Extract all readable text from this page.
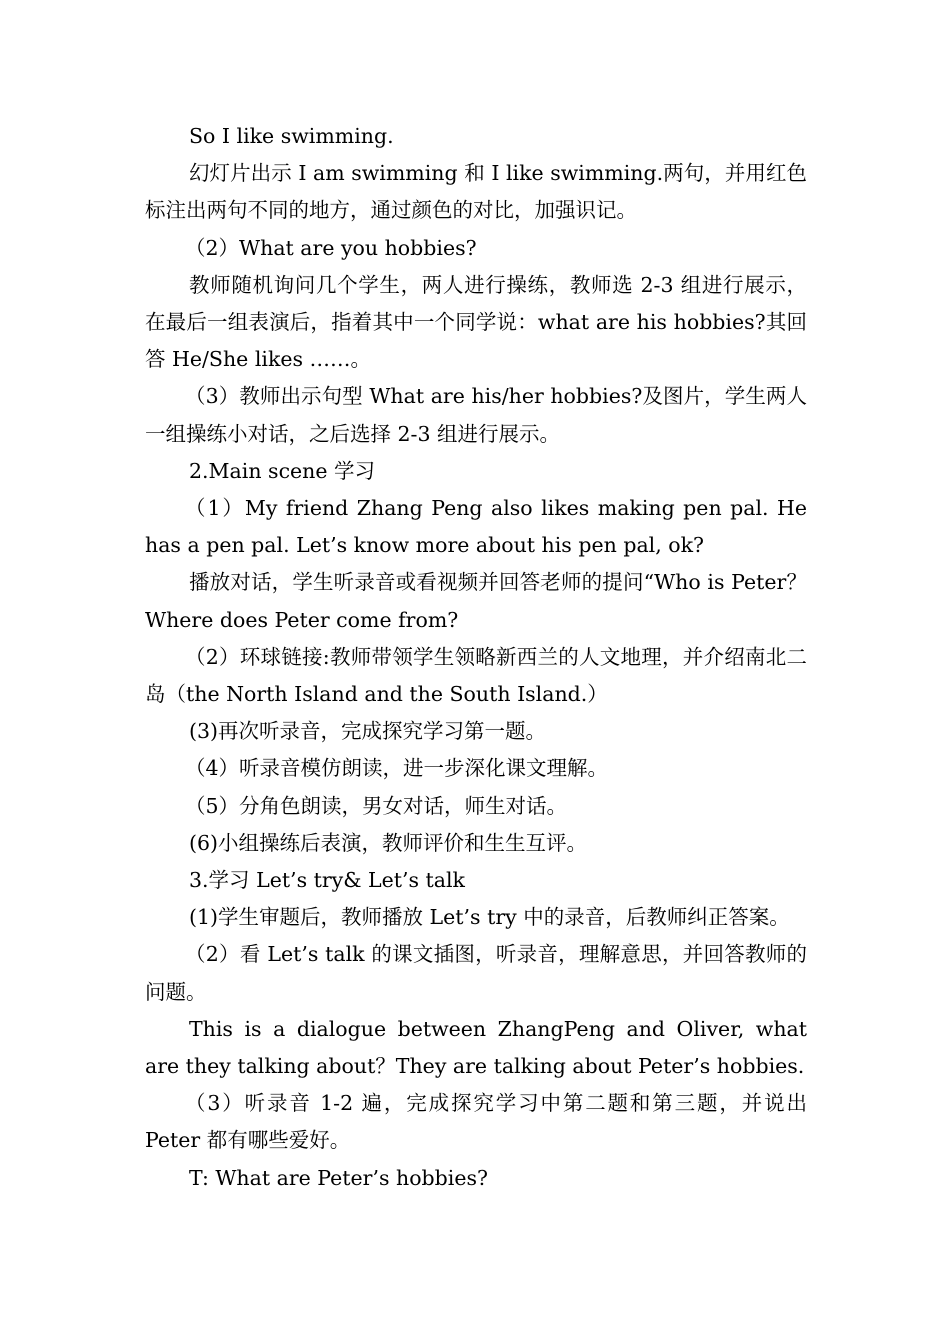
So I like swimming.

幻灯片出示 I am swimming 和 I like swimming.两句，并用红色标注出两句不同的地方，通过颜色的对比，加强识记。

（2）What are you hobbies?

教师随机询问几个学生，两人进行操练，教师选 2-3 组进行展示，在最后一组表演后，指着其中一个同学说：what are his hobbies?其回答 He/She likes ……。

（3）教师出示句型 What are his/her hobbies?及图片，学生两人一组操练小对话，之后选择 2-3 组进行展示。

2.Main scene 学习

（1）My friend Zhang Peng also likes making pen pal. He has a pen pal. Let’s know more about his pen pal, ok?

播放对话，学生听录音或看视频并回答老师的提问“Who is Peter？Where does Peter come from?

（2）环球链接:教师带领学生领略新西兰的人文地理，并介绍南北二岛（the North Island and the South Island.）

(3)再次听录音，完成探究学习第一题。

（4）听录音模仿朗读，进一步深化课文理解。

（5）分角色朗读，男女对话，师生对话。

(6)小组操练后表演，教师评价和生生互评。

3.学习 Let’s try& Let’s talk

(1)学生审题后，教师播放 Let’s try 中的录音，后教师纠正答案。

（2）看 Let’s talk 的课文插图，听录音，理解意思，并回答教师的问题。

This is a dialogue between ZhangPeng and Oliver, what are they talking about？They are talking about Peter’s hobbies.

（3）听录音 1-2 遍，完成探究学习中第二题和第三题，并说出 Peter 都有哪些爱好。

T: What are Peter’s hobbies?
